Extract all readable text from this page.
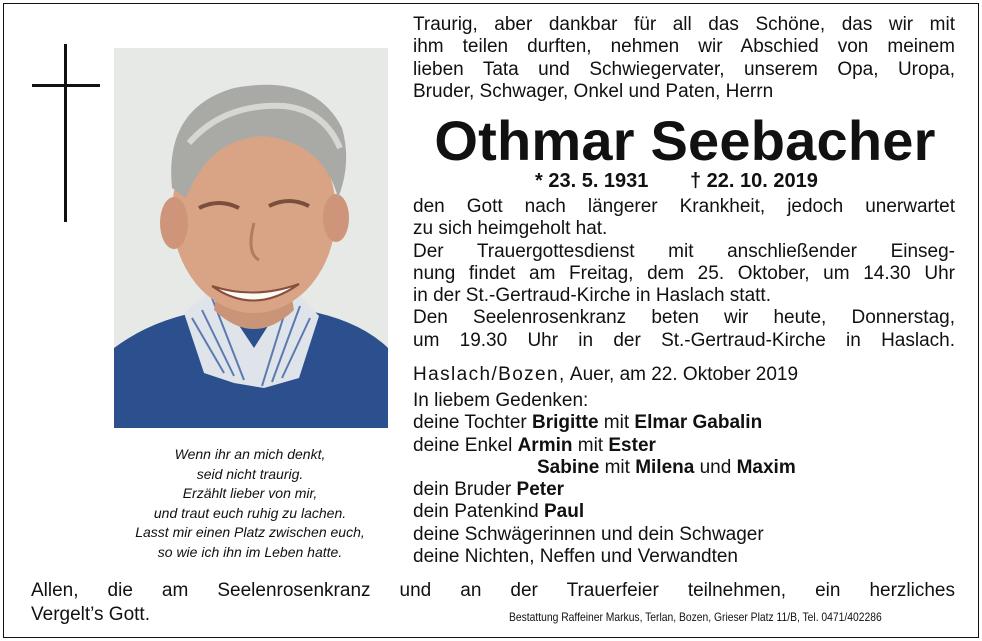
Wenn ihr an mich denkt,
seid nicht traurig.
Erzählt lieber von mir,
und traut euch ruhig zu lachen.
Lasst mir einen Platz zwischen euch,
so wie ich ihn im Leben hatte.
Traurig, aber dankbar für all das Schöne, das wir mit
ihm teilen durften, nehmen wir Abschied von meinem
lieben Tata und Schwiegervater, unserem Opa, Uropa,
Bruder, Schwager, Onkel und Paten, Herrn
Othmar Seebacher
* 23. 5. 1931 † 22. 10. 2019
den Gott nach längerer Krankheit, jedoch unerwartet
zu sich heimgeholt hat.
Der Trauergottesdienst mit anschließender Einseg-
nung findet am Freitag, dem 25. Oktober, um 14.30 Uhr
in der St.-Gertraud-Kirche in Haslach statt.
Den Seelenrosenkranz beten wir heute, Donnerstag,
um 19.30 Uhr in der St.-Gertraud-Kirche in Haslach.
Haslach/Bozen, Auer, am 22. Oktober 2019
In liebem Gedenken:
deine Tochter Brigitte mit Elmar Gabalin
deine Enkel Armin mit Ester
Sabine mit Milena und Maxim
dein Bruder Peter
dein Patenkind Paul
deine Schwägerinnen und dein Schwager
deine Nichten, Neffen und Verwandten
Allen, die am Seelenrosenkranz und an der Trauerfeier teilnehmen, ein herzliches
Vergelt’s Gott.	Bestattung Raffeiner Markus, Terlan, Bozen, Grieser Platz 11/B, Tel. 0471/402286
